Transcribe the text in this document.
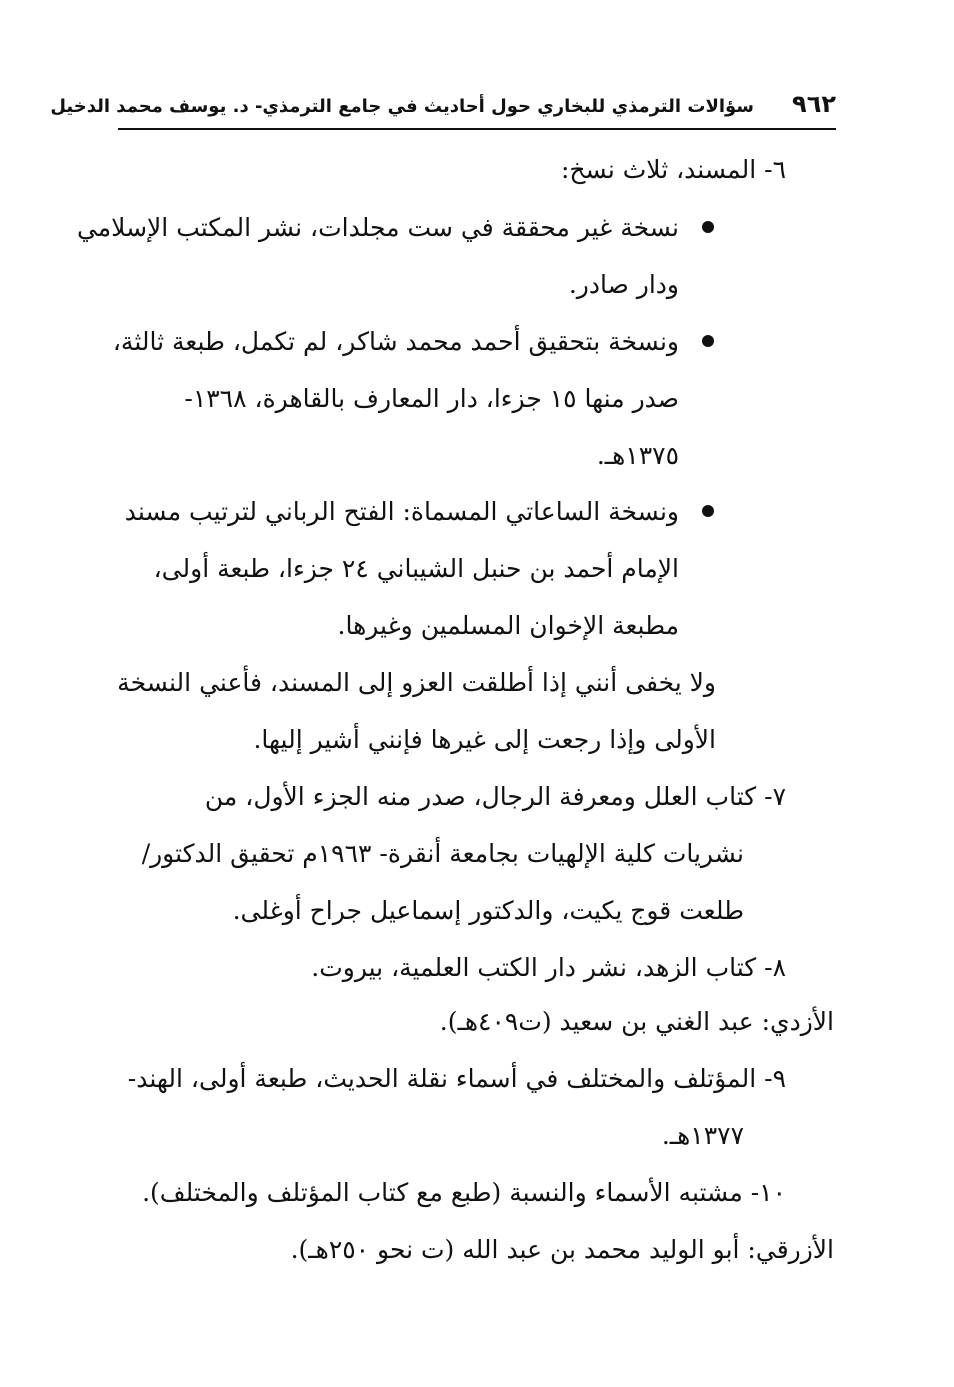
٩٦٢
سؤالات الترمذي للبخاري حول أحاديث في جامع الترمذي- د. يوسف محمد الدخيل
٦- المسند، ثلاث نسخ:
نسخة غير محققة في ست مجلدات، نشر المكتب الإسلامي
ودار صادر.
ونسخة بتحقيق أحمد محمد شاكر، لم تكمل، طبعة ثالثة،
صدر منها ١٥ جزءا، دار المعارف بالقاهرة، ١٣٦٨-
١٣٧٥هـ.
ونسخة الساعاتي المسماة: الفتح الرباني لترتيب مسند
الإمام أحمد بن حنبل الشيباني ٢٤ جزءا، طبعة أولى،
مطبعة الإخوان المسلمين وغيرها.
ولا يخفى أنني إذا أطلقت العزو إلى المسند، فأعني النسخة
الأولى وإذا رجعت إلى غيرها فإنني أشير إليها.
٧- كتاب العلل ومعرفة الرجال، صدر منه الجزء الأول، من
نشريات كلية الإلهيات بجامعة أنقرة- ١٩٦٣م تحقيق الدكتور/
طلعت قوج يكيت، والدكتور إسماعيل جراح أوغلى.
٨- كتاب الزهد، نشر دار الكتب العلمية، بيروت.
الأزدي: عبد الغني بن سعيد (ت٤٠٩هـ).
٩- المؤتلف والمختلف في أسماء نقلة الحديث، طبعة أولى، الهند-
١٣٧٧هـ.
١٠- مشتبه الأسماء والنسبة (طبع مع كتاب المؤتلف والمختلف).
الأزرقي: أبو الوليد محمد بن عبد الله (ت نحو ٢٥٠هـ).
